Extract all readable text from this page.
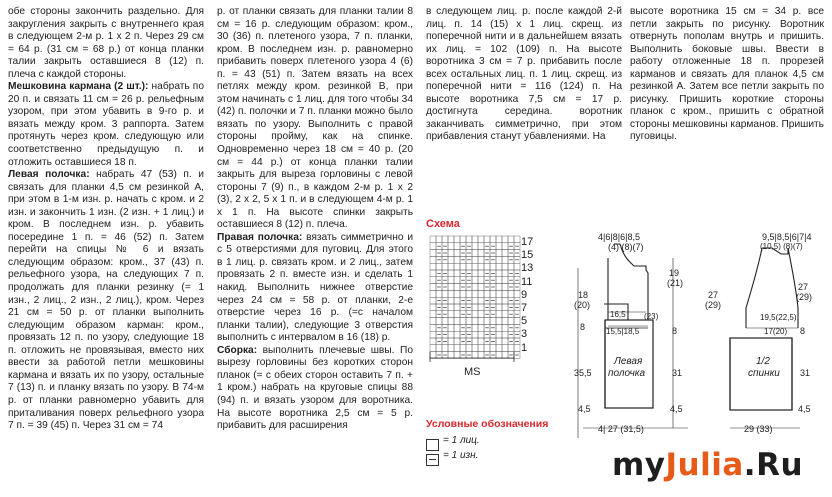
обе стороны закончить раздельно. Для закругления закрыть с внутреннего края в следующем 2-м р. 1 х 2 п. Через 29 см = 64 р. (31 см = 68 р.) от конца планки талии закрыть оставшиеся 8 (12) п. плеча с каждой стороны.

Мешковина кармана (2 шт.): набрать по 20 п. и связать 11 см = 26 р. рельефным узором, при этом убавить в 9-го р. и вязать между кром. 3 раппорта. Затем протянуть через кром. следующую или соответственно предыдущую п. и отложить оставшиеся 18 п.

Левая полочка: набрать 47 (53) п. и связать для планки 4,5 см резинкой А, при этом в 1-м изн. р. начать с кром. и 2 изн. и закончить 1 изн. (2 изн. + 1 лиц.) и кром. В последнем изн. р. убавить посередине 1 п. = 46 (52) п. Затем перейти на спицы № 6 и вязать следующим образом: кром., 37 (43) п. рельефного узора, на следующих 7 п. продолжать для планки резинку (= 1 изн., 2 лиц., 2 изн., 2 лиц.), кром. Через 21 см = 50 р. от планки выполнить следующим образом карман: кром., провязать 12 п. по узору, следующие 18 п. отложить не провязывая, вместо них ввести за работой петли мешковины кармана и вязать их по узору, остальные 7 (13) п. и планку вязать по узору. В 74-м р. от планки равномерно убавить для приталивания поверх рельефного узора 7 п. = 39 (45) п. Через 31 см = 74

р. от планки связать для планки талии 8 см = 16 р. следующим образом: кром., 30 (36) п. плетеного узора, 7 п. планки, кром. В последнем изн. р. равномерно прибавить поверх плетеного узора 4 (6) п. = 43 (51) п. Затем вязать на всех петлях между кром. резинкой В, при этом начинать с 1 лиц. для того чтобы 34 (42) п. полочки и 7 п. планки можно было вязать по узору. Выполнить с правой стороны пройму, как на спинке. Одновременно через 18 см = 40 р. (20 см = 44 р.) от конца планки талии закрыть для выреза горловины с левой стороны 7 (9) п., в каждом 2-м р. 1 х 2 (3), 2 х 2, 5 х 1 п. и в следующем 4-м р. 1 х 1 п. На высоте спинки закрыть оставшиеся 8 (12) п. плеча.

Правая полочка: вязать симметрично и с 5 отверстиями для пуговиц. Для этого в 1 лиц. р. связать кром. и 2 лиц., затем провязать 2 п. вместе изн. и сделать 1 накид. Выполнить нижнее отверстие через 24 см = 58 р. от планки, 2-е отверстие через 16 р. (=с началом планки талии), следующие 3 отверстия выполнить с интервалом в 16 (18) р.

Сборка: выполнить плечевые швы. По вырезу горловины без коротких сторон планок (= с обеих сторон оставить 7 п. + 1 кром.) набрать на круговые спицы 88 (94) п. и вязать узором для воротника. На высоте воротника 2,5 см = 5 р. прибавить для расширения

в следующем лиц. р. после каждой 2-й лиц. п. 14 (15) х 1 лиц. скрещ. из поперечной нити и в дальнейшем вязать их лиц. = 102 (109) п. На высоте воротника 3 см = 7 р. прибавить после всех остальных лиц. п. 1 лиц. скрещ. из поперечной нити = 116 (124) п. На высоте воротника 7,5 см = 17 р. достигнута середина. воротник заканчивать симметрично, при этом прибавления станут убавлениями. На

высоте воротника 15 см = 34 р. все петли закрыть по рисунку. Воротник отвернуть пополам внутрь и пришить. Выполнить боковые швы. Ввести в работу отложенные 18 п. прорезей карманов и связать для планок 4,5 см резинкой А. Затем все петли закрыть по рисунку. Пришить короткие стороны планок с кром., пришить с обратной стороны мешковины карманов. Пришить пуговицы.

Схема
MS
17
15
13
11
9
7
5
3
1
Условные обозначения
= 1 лиц.
= 1 изн.
4|6|8|6|8,5
(4) (8)(7)
19
(21)
27
(29)
8
31
4,5
18
(20)
8
35,5
4,5
16,5 (23)
15,5|18,5
Левая
полочка
4| 27 (31,5)
9,5|8,5|6|7|4
(10,5) (8)(7)
27
(29)
8
31
4,5
19,5(22,5)
17(20)
1/2
спинки
29 (33)
myJulia.Ru
